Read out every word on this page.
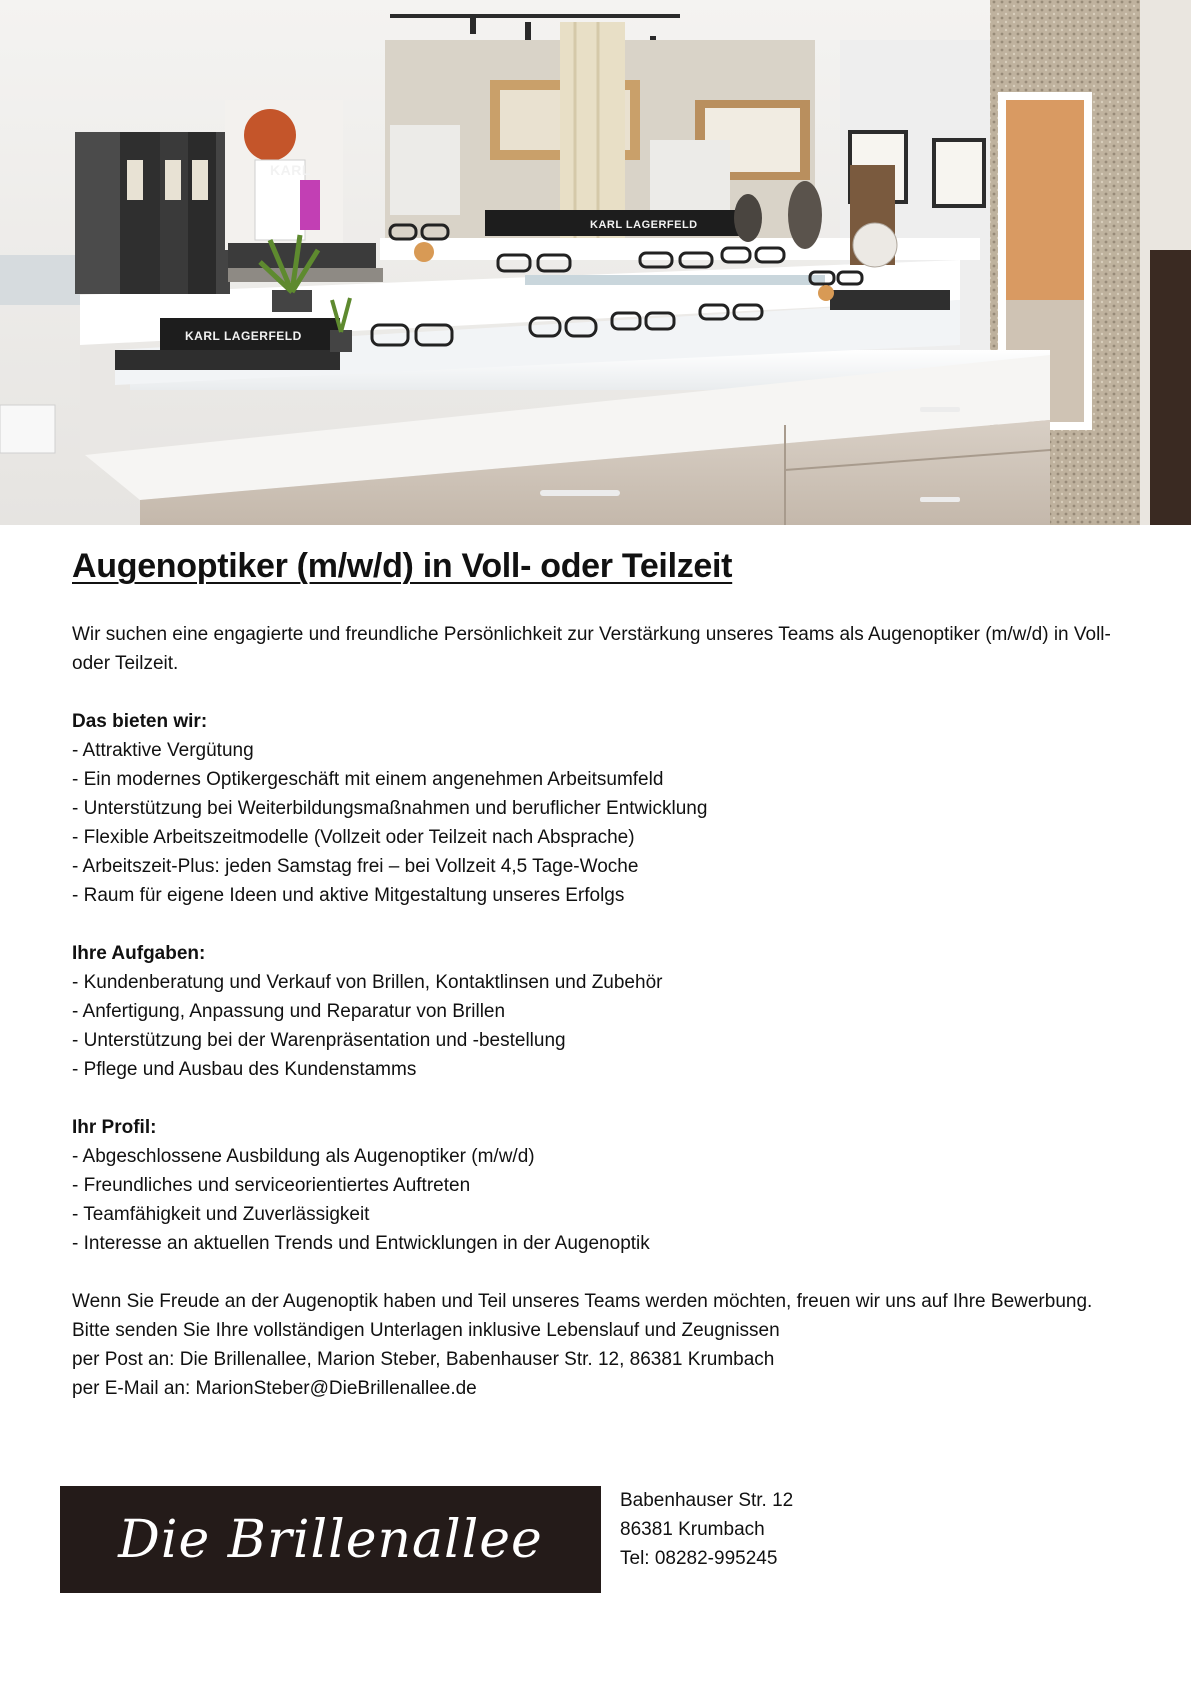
KARL
KARL LAGERFELD
KARL LAGERFELD
Augenoptiker (m/w/d) in Voll- oder Teilzeit

Wir suchen eine engagierte und freundliche Persönlichkeit zur Verstärkung unseres Teams als Augenoptiker (m/w/d) in Voll- oder Teilzeit.

Das bieten wir:
- Attraktive Vergütung
- Ein modernes Optikergeschäft mit einem angenehmen Arbeitsumfeld
- Unterstützung bei Weiterbildungsmaßnahmen und beruflicher Entwicklung
- Flexible Arbeitszeitmodelle (Vollzeit oder Teilzeit nach Absprache)
- Arbeitszeit-Plus: jeden Samstag frei – bei Vollzeit 4,5 Tage-Woche
- Raum für eigene Ideen und aktive Mitgestaltung unseres Erfolgs
Ihre Aufgaben:
- Kundenberatung und Verkauf von Brillen, Kontaktlinsen und Zubehör
- Anfertigung, Anpassung und Reparatur von Brillen
- Unterstützung bei der Warenpräsentation und -bestellung
- Pflege und Ausbau des Kundenstamms
Ihr Profil:
- Abgeschlossene Ausbildung als Augenoptiker (m/w/d)
- Freundliches und serviceorientiertes Auftreten
- Teamfähigkeit und Zuverlässigkeit
- Interesse an aktuellen Trends und Entwicklungen in der Augenoptik

Wenn Sie Freude an der Augenoptik haben und Teil unseres Teams werden möchten, freuen wir uns auf Ihre Bewerbung.

Bitte senden Sie Ihre vollständigen Unterlagen inklusive Lebenslauf und Zeugnissen

per Post an: Die Brillenallee, Marion Steber, Babenhauser Str. 12, 86381 Krumbach

per E-Mail an: MarionSteber@DieBrillenallee.de

Die Brillenallee
Babenhauser Str. 12
86381 Krumbach
Tel: 08282-995245
